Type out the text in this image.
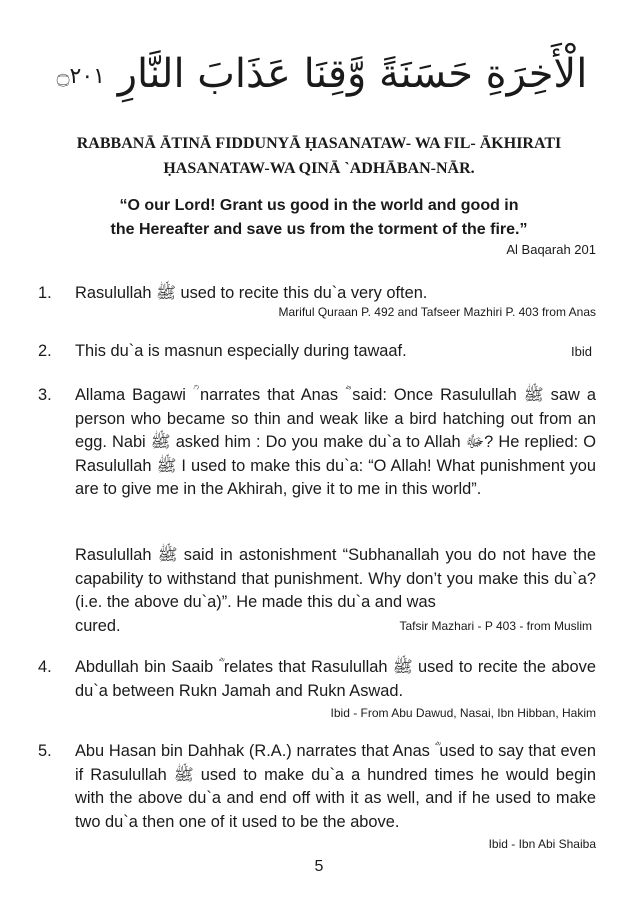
الْأَخِرَةِ حَسَنَةً وَّقِنَا عَذَابَ النَّارِ ۝٢٠١
RABBANĀ ĀTINĀ FIDDUNYĀ ḤASANATAW- WA FIL- ĀKHIRATI
ḤASANATAW-WA QINĀ `ADHĀBAN-NĀR.
“O our Lord! Grant us good in the world and good in
the Hereafter and save us from the torment of the fire.”
Al Baqarah 201
1. Rasulullah ﷺ used to recite this du`a very often.

Mariful Quraan P. 492 and Tafseer Mazhiri P. 403 from Anas
2. This du`a is masnun especially during tawaaf.	Ibid
3. Allama Bagawi ؒ narrates that Anas ؓ said: Once Rasulullah ﷺ saw a person who became so thin and weak like a bird hatching out from an egg. Nabi ﷺ asked him : Do you make du`a to Allah ﷻ? He replied: O Rasulullah ﷺ I used to make this du`a: “O Allah! What punishment you are to give me in the Akhirah, give it to me in this world”.

Rasulullah ﷺ said in astonishment “Subhanallah you do not have the capability to withstand that punishment. Why don’t you make this du`a? (i.e. the above du`a)”. He made this du`a and was

cured.	Tafsir Mazhari - P 403 - from Muslim
4. Abdullah bin Saaib ؓ relates that Rasulullah ﷺ used to recite the above du`a between Rukn Jamah and Rukn Aswad.

Ibid - From Abu Dawud, Nasai, Ibn Hibban, Hakim
5. Abu Hasan bin Dahhak (R.A.) narrates that Anas ؓ used to say that even if Rasulullah ﷺ used to make du`a a hundred times he would begin with the above du`a and end off with it as well, and if he used to make two du`a then one of it used to be the above.

Ibid - Ibn Abi Shaiba
5
